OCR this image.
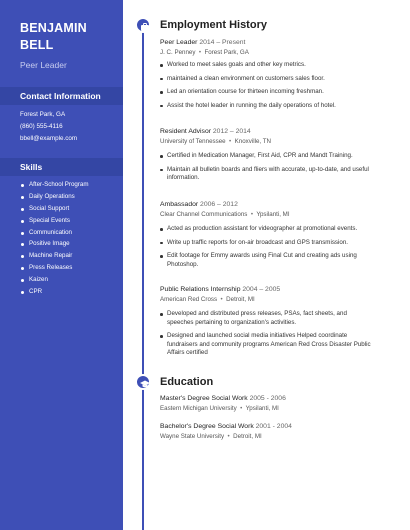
BENJAMIN BELL
Peer Leader
Contact Information
Forest Park, GA
(860) 555-4116
bbell@example.com
Skills
After-School Program
Daily Operations
Social Support
Special Events
Communication
Positive Image
Machine Repair
Press Releases
Kaizen
CPR
Employment History
Education
Peer Leader 2014 – Present
J. C. Penney  •  Forest Park, GA
Worked to meet sales goals and other key metrics.
maintained a clean environment on customers sales floor.
Led an orientation course for thirteen incoming freshman.
Assist the hotel leader in running the daily operations of hotel.
Resident Advisor 2012 – 2014
University of Tennessee  •  Knoxville, TN
Certified in Medication Manager, First Aid, CPR and Mandt Training.
Maintain all bulletin boards and fliers with accurate, up-to-date, and useful information.
Ambassador 2006 – 2012
Clear Channel Communications  •  Ypsilanti, MI
Acted as production assistant for videographer at promotional events.
Write up traffic reports for on-air broadcast and GPS transmission.
Edit footage for Emmy awards using Final Cut and creating ads using Photoshop.
Public Relations Internship 2004 – 2005
American Red Cross  •  Detroit, MI
Developed and distributed press releases, PSAs, fact sheets, and speeches pertaining to organization's activities.
Designed and launched social media initiatives Helped coordinate fundraisers and community programs American Red Cross Disaster Public Affairs certified
Master's Degree Social Work 2005 - 2006
Eastern Michigan University  •  Ypsilanti, MI
Bachelor's Degree Social Work 2001 - 2004
Wayne State University  •  Detroit, MI
